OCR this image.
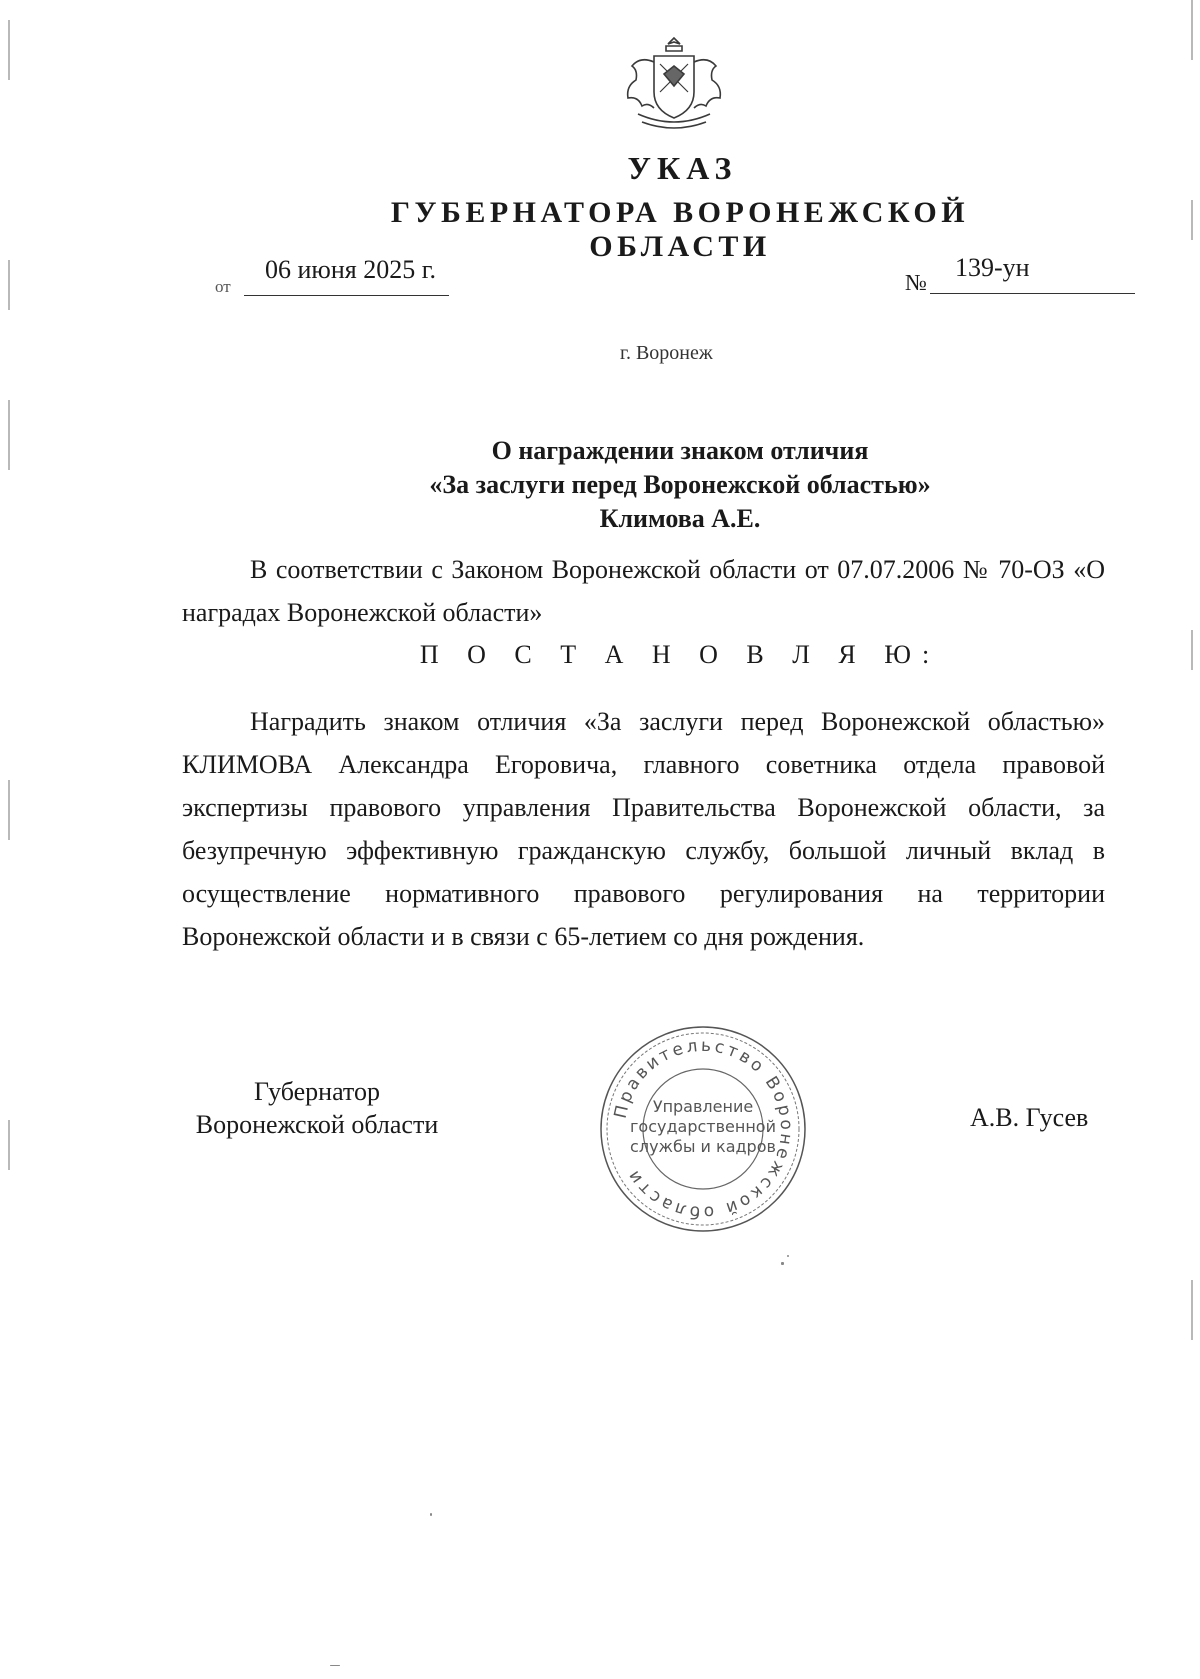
УКАЗ
ГУБЕРНАТОРА ВОРОНЕЖСКОЙ ОБЛАСТИ
от
06 июня 2025 г.	№
139-ун
г. Воронеж
О награждении знаком отличия
«За заслуги перед Воронежской областью»
Климова А.Е.
В соответствии с Законом Воронежской области от 07.07.2006 № 70-ОЗ «О наградах Воронежской области»
П О С Т А Н О В Л Я Ю:
Наградить знаком отличия «За заслуги перед Воронежской областью» КЛИМОВА Александра Егоровича, главного советника отдела правовой экспертизы правового управления Правительства Воронежской области, за безупречную эффективную гражданскую службу, большой личный вклад в осуществление нормативного правового регулирования на территории Воронежской области и в связи с 65-летием со дня рождения.
Губернатор
Воронежской области	Правительство Воронежской области
Управление
государственной
службы и кадров
А.В. Гусев
